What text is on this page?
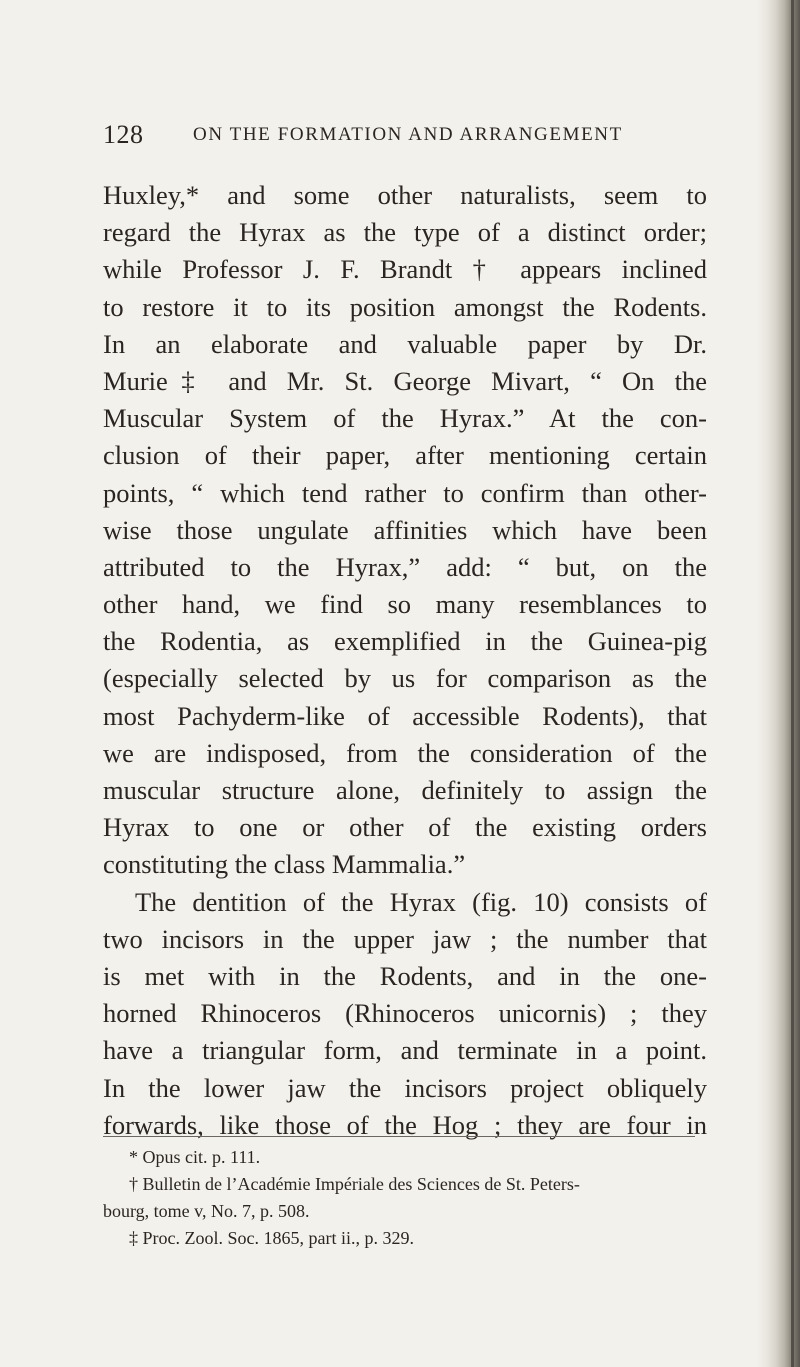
128	ON THE FORMATION AND ARRANGEMENT
Huxley,* and some other naturalists, seem to
regard the Hyrax as the type of a distinct order;
while Professor J. F. Brandt † appears inclined
to restore it to its position amongst the Rodents.
In an elaborate and valuable paper by Dr.
Murie‡ and Mr. St. George Mivart, “ On the
Muscular System of the Hyrax.” At the con-
clusion of their paper, after mentioning certain
points, “ which tend rather to confirm than other-
wise those ungulate affinities which have been
attributed to the Hyrax,” add: “ but, on the
other hand, we find so many resemblances to
the Rodentia, as exemplified in the Guinea-pig
(especially selected by us for comparison as the
most Pachyderm-like of accessible Rodents), that
we are indisposed, from the consideration of the
muscular structure alone, definitely to assign the
Hyrax to one or other of the existing orders
constituting the class Mammalia.”
The dentition of the Hyrax (fig. 10) consists of
two incisors in the upper jaw ; the number that
is met with in the Rodents, and in the one-
horned Rhinoceros (Rhinoceros unicornis) ; they
have a triangular form, and terminate in a point.
In the lower jaw the incisors project obliquely
forwards, like those of the Hog ; they are four in
* Opus cit. p. 111.
† Bulletin de l’Académie Impériale des Sciences de St. Peters-
bourg, tome v, No. 7, p. 508.
‡ Proc. Zool. Soc. 1865, part ii., p. 329.
